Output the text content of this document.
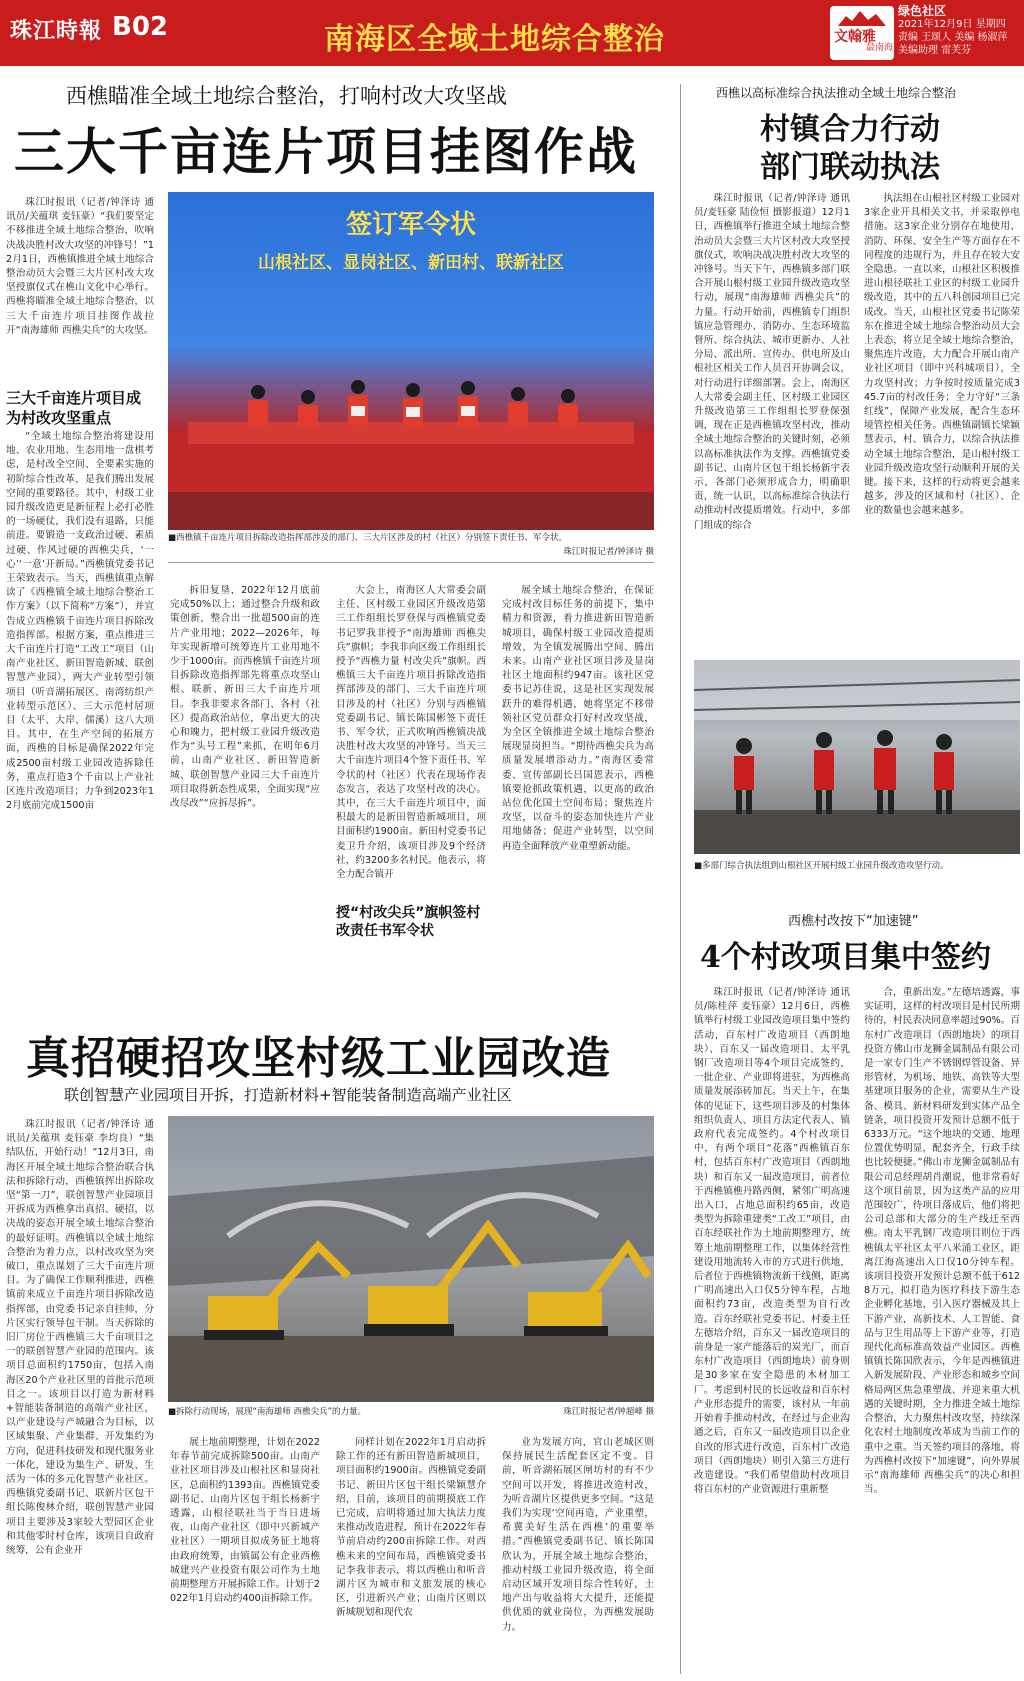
珠江時報 B02	南海区全域土地综合整治	文翰雅
最南海
绿色社区
2021年12月9日 星期四
责编 王颂人 美编 杨淑萍
美编助理 雷芙芬
西樵瞄准全域土地综合整治，打响村改大攻坚战
三大千亩连片项目挂图作战

珠江时报讯（记者/钟泽诗 通讯员/关蕴琪 麦钰豪）“我们要坚定不移推进全域土地综合整治，吹响决战决胜村改大攻坚的冲锋号！”12月1日，西樵镇推进全域土地综合整治动员大会暨三大片区村改大攻坚授旗仪式在樵山文化中心举行。西樵将瞄准全域土地综合整治，以三大千亩连片项目挂图作战拉开“南海雄师 西樵尖兵”的大攻坚。

三大千亩连片项目成为村改攻坚重点

“全域土地综合整治将建设用地、农业用地、生态用地一盘棋考虑，是村改全空间、全要素实施的初阶综合性改革，是我们腾出发展空间的重要路径。其中，村级工业园升级改造更是新征程上必打必胜的一场硬仗，我们没有退路，只能前进。要锻造一支政治过硬、素质过硬、作风过硬的西樵尖兵，‘一心’‘一意’开新局。”西樵镇党委书记王荣致表示。当天，西樵镇重点解读了《西樵镇全域土地综合整治工作方案》（以下简称“方案”），并宣告成立西樵镇千亩连片项目拆除改造指挥部。根据方案，重点推进三大千亩连片打造“工改工”项目（山南产业社区、新田智造新城、联创智慧产业园），两大产业转型引领项目（听音湖拓展区、南湾纺织产业转型示范区）、三大示范村居项目（太平、大岸、儒溪）这八大项目。其中，在生产空间的拓展方面，西樵的目标是确保2022年完成2500亩村级工业园改造拆除任务，重点打造3个千亩以上产业社区连片改造项目；力争到2023年12月底前完成1500亩

签订军令状
山根社区、显岗社区、新田村、联新社区
■西樵镇千亩连片项目拆除改造指挥部涉及的部门、三大片区涉及的村（社区）分别签下责任书、军令状。
珠江时报记者/钟泽诗 摄

拆旧复垦，2022年12月底前完成50%以上；通过整合升级和政策创新，整合出一批超500亩的连片产业用地；2022—2026年，每年实现新增可统筹连片工业用地不少于1000亩。而西樵镇千亩连片项目拆除改造指挥部先将重点攻坚山根、联新、新田三大千亩连片项目。李我非要求各部门、各村（社区）提高政治站位，拿出更大的决心和魄力，把村级工业园升级改造作为“头号工程”来抓，在明年6月前，山南产业社区、新田智造新城、联创智慧产业园三大千亩连片项目取得新态性成果，全面实现“应改尽改”“应拆尽拆”。

大会上，南海区人大常委会副主任、区村级工业园区升级改造第三工作组组长罗登保与西樵镇党委书记罗我非授予“南海雄师 西樵尖兵”旗帜；李我非向区级工作组组长授予“西樵力量 村改尖兵”旗帜。西樵镇三大千亩连片项目拆除改造指挥部涉及的部门、三大千亩连片项目涉及的村（社区）分别与西樵镇党委副书记、镇长陈国彬签下责任书、军令状，正式吹响西樵镇决战决胜村改大攻坚的冲锋号。当天三大千亩连片项目4个签下责任书、军令状的村（社区）代表在现场作表态发言，表达了攻坚村改的决心。其中，在三大千亩连片项目中，面积最大的是新田智造新城项目，项目面积约1900亩。新田村党委书记麦卫升介绍，该项目涉及9个经济社，约3200多名村民。他表示，将全力配合镇开

授“村改尖兵”旗帜签村改责任书军令状

展全域土地综合整治，在保证完成村改目标任务的前提下，集中精力和资源，着力推进新田智造新城项目，确保村级工业园改造提质增效，为全镇发展腾出空间、腾出未来。山南产业社区项目涉及显岗社区土地面积约947亩。该社区党委书记苏佳说，这是社区实现发展跃升的难得机遇，她将坚定不移带领社区党员群众打好村改攻坚战，为全区全镇推进全域土地综合整治展现显岗担当。“期待西樵尖兵为高质量发展增添动力。”南海区委常委、宣传部副长吕国恩表示，西樵镇要抢抓政策机遇，以更高的政治站位优化国土空间布局；聚焦连片攻坚，以奋斗的姿态加快连片产业用地储备；促进产业转型，以空间再造全面释放产业重塑新动能。

西樵以高标准综合执法推动全域土地综合整治
村镇合力行动
部门联动执法

珠江时报讯（记者/钟泽诗 通讯员/麦钰豪 陆俭恒 摄影报道）12月1日，西樵镇举行推进全域土地综合整治动员大会暨三大片区村改大攻坚授旗仪式，吹响决战决胜村改大攻坚的冲锋号。当天下午，西樵镇多部门联合开展山根村级工业园升级改造攻坚行动，展现“南海雄师 西樵尖兵”的力量。行动开始前，西樵镇专门组织镇应急管理办、消防办、生态环境监督所、综合执法、城市更新办、人社分局、派出所、宣传办、供电所及山根社区相关工作人员召开协调会议，对行动进行详细部署。会上，南海区人大常委会副主任、区村级工业园区升级改造第三工作组组长罗登保强调，现在正是西樵镇攻坚村改，推动全域土地综合整治的关键时刻，必须以高标准执法作为支撑。西樵镇党委副书记、山南片区包干组长杨新宇表示，各部门必须形成合力，明确职责，统一认识，以高标准综合执法行动推动村改提质增效。行动中，多部门组成的综合

执法组在山根社区村级工业园对3家企业开具相关文书，并采取停电措施。这3家企业分别存在地使用、消防、环保、安全生产等方面存在不同程度的违规行为，并且存在较大安全隐患。一直以来，山根社区积极推进山根径联社工业区的村级工业园升级改造，其中的五八科创园项目已完成改。当天，山根社区党委书记陈荣东在推进全域土地综合整治动员大会上表态，将立足全域土地综合整治，聚焦连片改造，大力配合开展山南产业社区项目（即中兴科城项目），全力攻坚村改；力争按时按质量完成345.7亩的村改任务；全力守好“三条红线”，保障产业发展，配合生态环境管控相关任务。西樵镇副镇长梁颖慧表示，村、镇合力，以综合执法推动全域土地综合整治，是山根村级工业园升级改造攻坚行动顺利开展的关键。接下来，这样的行动将更会越来越多，涉及的区域和村（社区）、企业的数量也会越来越多。

■多部门综合执法组到山根社区开展村级工业园升级改造攻坚行动。
西樵村改按下“加速键”
4个村改项目集中签约

珠江时报讯（记者/钟泽诗 通讯员/陈桂萍 麦钰豪）12月6日，西樵镇举行村级工业园改造项目集中签约活动，百东村广改造项目（西朗地块）、百东又一届改造项目、太平乳钢厂改造项目等4个项目完成签约，一批企业、产业即将进驻，为西樵高质量发展添砖加瓦。当天上午，在集体的见证下，这些项目涉及的村集体组织负责人、项目方法定代表人、镇政府代表完成签约。4个村改项目中，有两个项目“花落”西樵镇百东村，包括百东村广改造项目（西朗地块）和百东又一届改造项目，前者位于西樵镇樵丹路西侧，紧邻广明高速出入口，占地总面积约65亩，改造类型为拆除重建类“工改工”项目，由百东经联社作为土地前期整理方，统筹土地前期整理工作，以集体经营性建设用地流转入市的方式进行供地，后者位于西樵镇物流新干线侧，距离广明高速出入口仅5分钟车程，占地面积约73亩，改造类型为自行改造。百东经联社党委书记、村委主任左德培介绍，百东又一届改造项目的前身是一家产能落后的炭光厂，而百东村广改造项目（西朗地块）前身则是30多家在安全隐患的木材加工厂。考虑到村民的长远收益和百东村产业形态提升的需要，该村从一年前开始着手推动村改，在经过与企业沟通之后，百东又一届改造项目以企业自改的形式进行改造，百东村广改造项目（西朗地块）则引入第三方进行改造建设。“我们希望借助村改项目将百东村的产业资源进行重新整

合，重新出发。”左德培透露，事实证明，这样的村改项目是村民所期待的，村民表决同意率超过90%。百东村广改造项目（西朗地块）的项目投资方佛山市龙狮金属制品有限公司是一家专门生产不锈钢焊管设备、异形管材，为机场、地铁、高铁等大型基建项目服务的企业，需要从生产设备、模具、新材料研发到实体产品全链条，项目投资开发预计总额不低于6333万元。“这个地块的交通、地理位置优势明显，配套齐全，行政手续也比较便捷。”佛山市龙狮金属制品有限公司总经理胡肖潮说，他非常看好这个项目前景，因为这类产品的应用范围较广，待项目落成后，他们将把公司总部和大部分的生产线迁至西樵。南太平乳钢厂改造项目则位于西樵镇太平社区太平八米涌工业区，距离江海高速出入口仅10分钟车程。该项目投资开发预计总额不低于6128万元，拟打造为医疗科技下游生态企业孵化基地，引入医疗器械及其上下游产业，高新技术、人工智能、食品与卫生用品等上下游产业等，打造现代化高标准高效益产业园区。西樵镇镇长陈国欣表示，今年是西樵镇进入新发展阶段、产业形态和城乡空间格局两区焦急重塑战、并迎来重大机遇的关键时期，全力推进全域土地综合整治，大力聚焦村改攻坚，持续深化农村土地制度改革成为当前工作的重中之重。当天签约项目的落地，将为西樵村改按下“加速键”，向外界展示“南海雄师 西樵尖兵”的决心和担当。

真招硬招攻坚村级工业园改造
联创智慧产业园项目开拆，打造新材料+智能装备制造高端产业社区

珠江时报讯（记者/钟泽诗 通讯员/关蕴琪 麦钰豪 李均良）“集结队伍，开始行动！”12月3日，南海区开展全域土地综合整治联合执法和拆除行动，西樵镇挥出拆除攻坚“第一刀”，联创智慧产业园项目开拆成为西樵拿出真招、硬招，以决战的姿态开展全域土地综合整治的最好证明。西樵镇以全域土地综合整治为着力点，以村改攻坚为突破口，重点谋划了三大千亩连片项目。为了确保工作顺利推进，西樵镇前来成立千亩连片项目拆除改造指挥部，由党委书记亲自挂帅，分片区实行领导包干制。当天拆除的旧厂房位于西樵镇三大千亩项目之一的联创智慧产业园的范围内。该项目总面积约1750亩，包括入南海区20个产业社区里的首批示范项目之一。该项目以打造为新材料+智能装备制造的高端产业社区，以产业建设与产城融合为目标，以区域集聚、产业集群、开发集约为方向，促进科技研发和现代服务业一体化，建设为集生产、研发、生活为一体的多元化智慧产业社区。西樵镇党委副书记、联新片区包干组长陈俊林介绍，联创智慧产业园项目主要涉及3家较大型园区企业和其他零时村仓库，该项目自政府统筹，公有企业开

■拆除行动现场，展现“南海雄师 西樵尖兵”的力量。	珠江时报记者/钟超峰 摄

展土地前期整理，计划在2022年春节前完成拆除500亩。山南产业社区项目涉及山根社区和显岗社区，总面积约1393亩。西樵镇党委副书记、山南片区包干组长杨新宇透露，山根径联社当于当日进场夜，山南产业社区（即中兴新城产业社区）一期项目拟成务征土地将由政府统筹，由镇属公有企业西樵城建兴产业投资有限公司作为土地前期整理方开展拆除工作。计划于2022年1月启动约400亩拆除工作。

同样计划在2022年1月启动拆除工作的还有新田智造新城项目，项目面积约1900亩。西樵镇党委副书记、新田片区包干组长梁颖慧介绍，目前，该项目的前期摸底工作已完成，启明将通过加大执法力度来推动改造进程，预计在2022年春节前启动约200亩拆除工作。对西樵未来的空间布局，西樵镇党委书记李我非表示，将以西樵山和听音湖片区为城市和文旅发展的核心区，引进新兴产业；山南片区则以新城规划和现代农

业为发展方向，官山老城区则保持展民生活配套区定不变。目前，听音湖拓展区闸坊村的有不少空间可以开发，将推进改造村改，为听音湖片区提供更多空间。“这是我们为实现‘空间再造，产业重塑，希冀美好生活在西樵’的重要举措。”西樵镇党委副书记、镇长陈国欣认为，开展全域土地综合整治，推动村级工业园升级改造，将全面启动区域开发项目综合性转好，土地产出与收益将大大提升，还能提供优质的就业岗位，为西樵发展助力。
